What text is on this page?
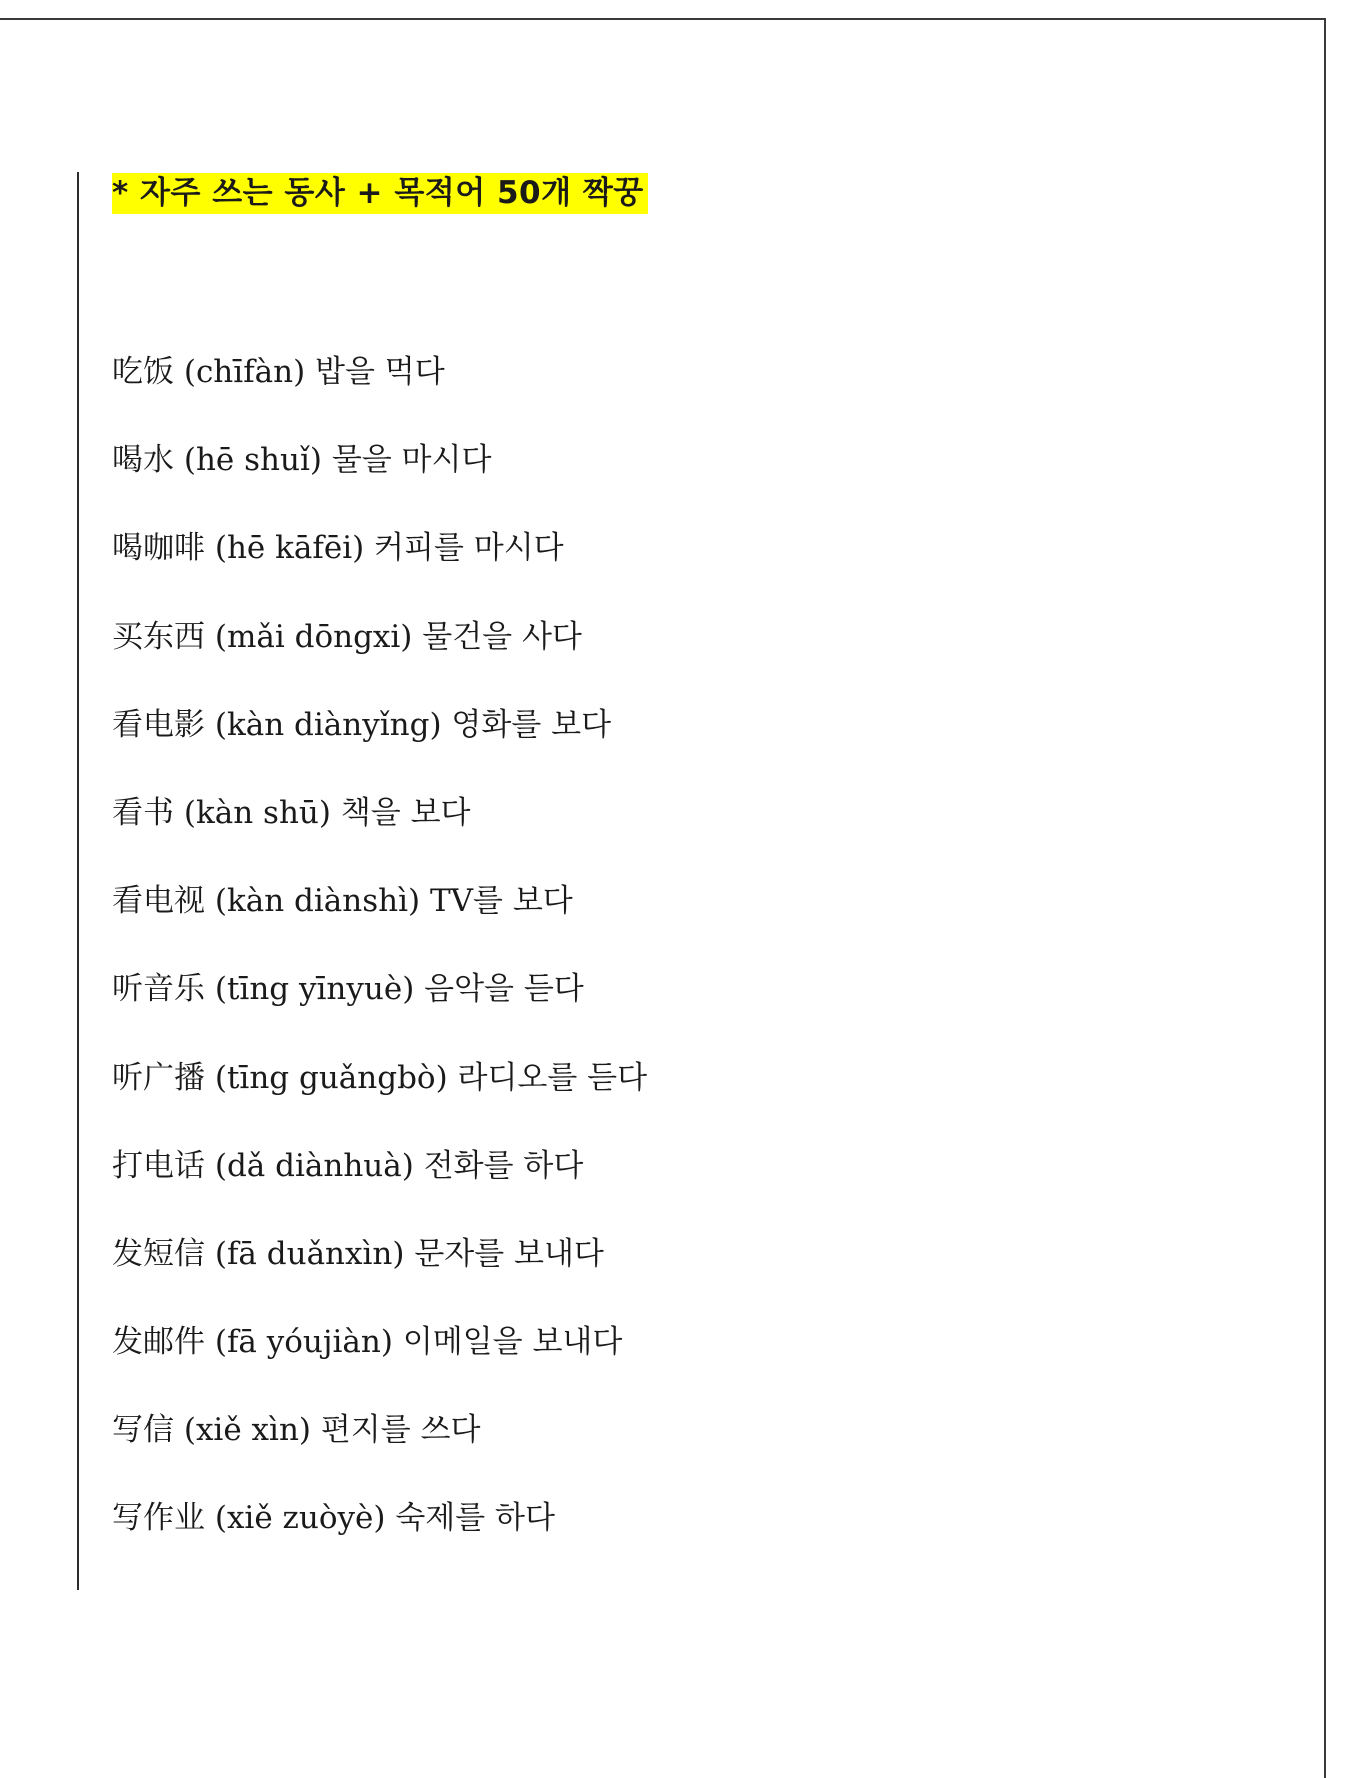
* 자주 쓰는 동사 + 목적어 50개 짝꿍
吃饭 (chīfàn) 밥을 먹다
喝水 (hē shuǐ) 물을 마시다
喝咖啡 (hē kāfēi) 커피를 마시다
买东西 (mǎi dōngxi) 물건을 사다
看电影 (kàn diànyǐng) 영화를 보다
看书 (kàn shū) 책을 보다
看电视 (kàn diànshì) TV를 보다
听音乐 (tīng yīnyuè) 음악을 듣다
听广播 (tīng guǎngbò) 라디오를 듣다
打电话 (dǎ diànhuà) 전화를 하다
发短信 (fā duǎnxìn) 문자를 보내다
发邮件 (fā yóujiàn) 이메일을 보내다
写信 (xiě xìn) 편지를 쓰다
写作业 (xiě zuòyè) 숙제를 하다
